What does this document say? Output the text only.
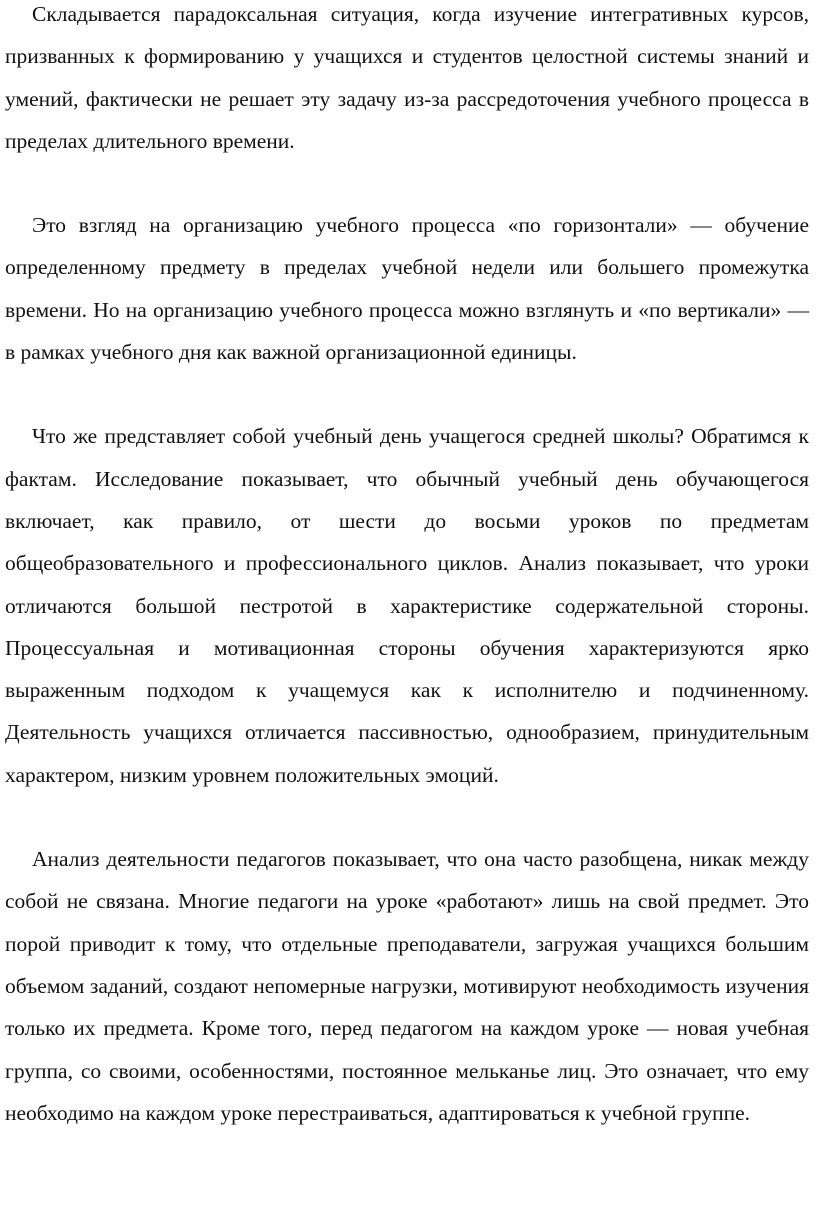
Складывается парадоксальная ситуация, когда изучение интегративных курсов, призванных к формированию у учащихся и студентов целостной системы знаний и умений, фактически не решает эту задачу из-за рассредоточения учебного процесса в пределах длительного времени.

Это взгляд на организацию учебного процесса «по горизонтали» — обучение определенному предмету в пределах учебной недели или большего промежутка времени. Но на организацию учебного процесса можно взглянуть и «по вертикали» — в рамках учебного дня как важной организационной единицы.

Что же представляет собой учебный день учащегося средней школы? Обратимся к фактам. Исследование показывает, что обычный учебный день обучающегося включает, как правило, от шести до восьми уроков по предметам общеобразовательного и профессионального циклов. Анализ показывает, что уроки отличаются большой пестротой в характеристике содержательной стороны. Процессуальная и мотивационная стороны обучения характеризуются ярко выраженным подходом к учащемуся как к исполнителю и подчиненному. Деятельность учащихся отличается пассивностью, однообразием, принудительным характером, низким уровнем положительных эмоций.

Анализ деятельности педагогов показывает, что она часто разобщена, никак между собой не связана. Многие педагоги на уроке «работают» лишь на свой предмет. Это порой приводит к тому, что отдельные преподаватели, загружая учащихся большим объемом заданий, создают непомерные нагрузки, мотивируют необходимость изучения только их предмета. Кроме того, перед педагогом на каждом уроке — новая учебная группа, со своими, особенностями, постоянное мельканье лиц. Это означает, что ему необходимо на каждом уроке перестраиваться, адаптироваться к учебной группе.
